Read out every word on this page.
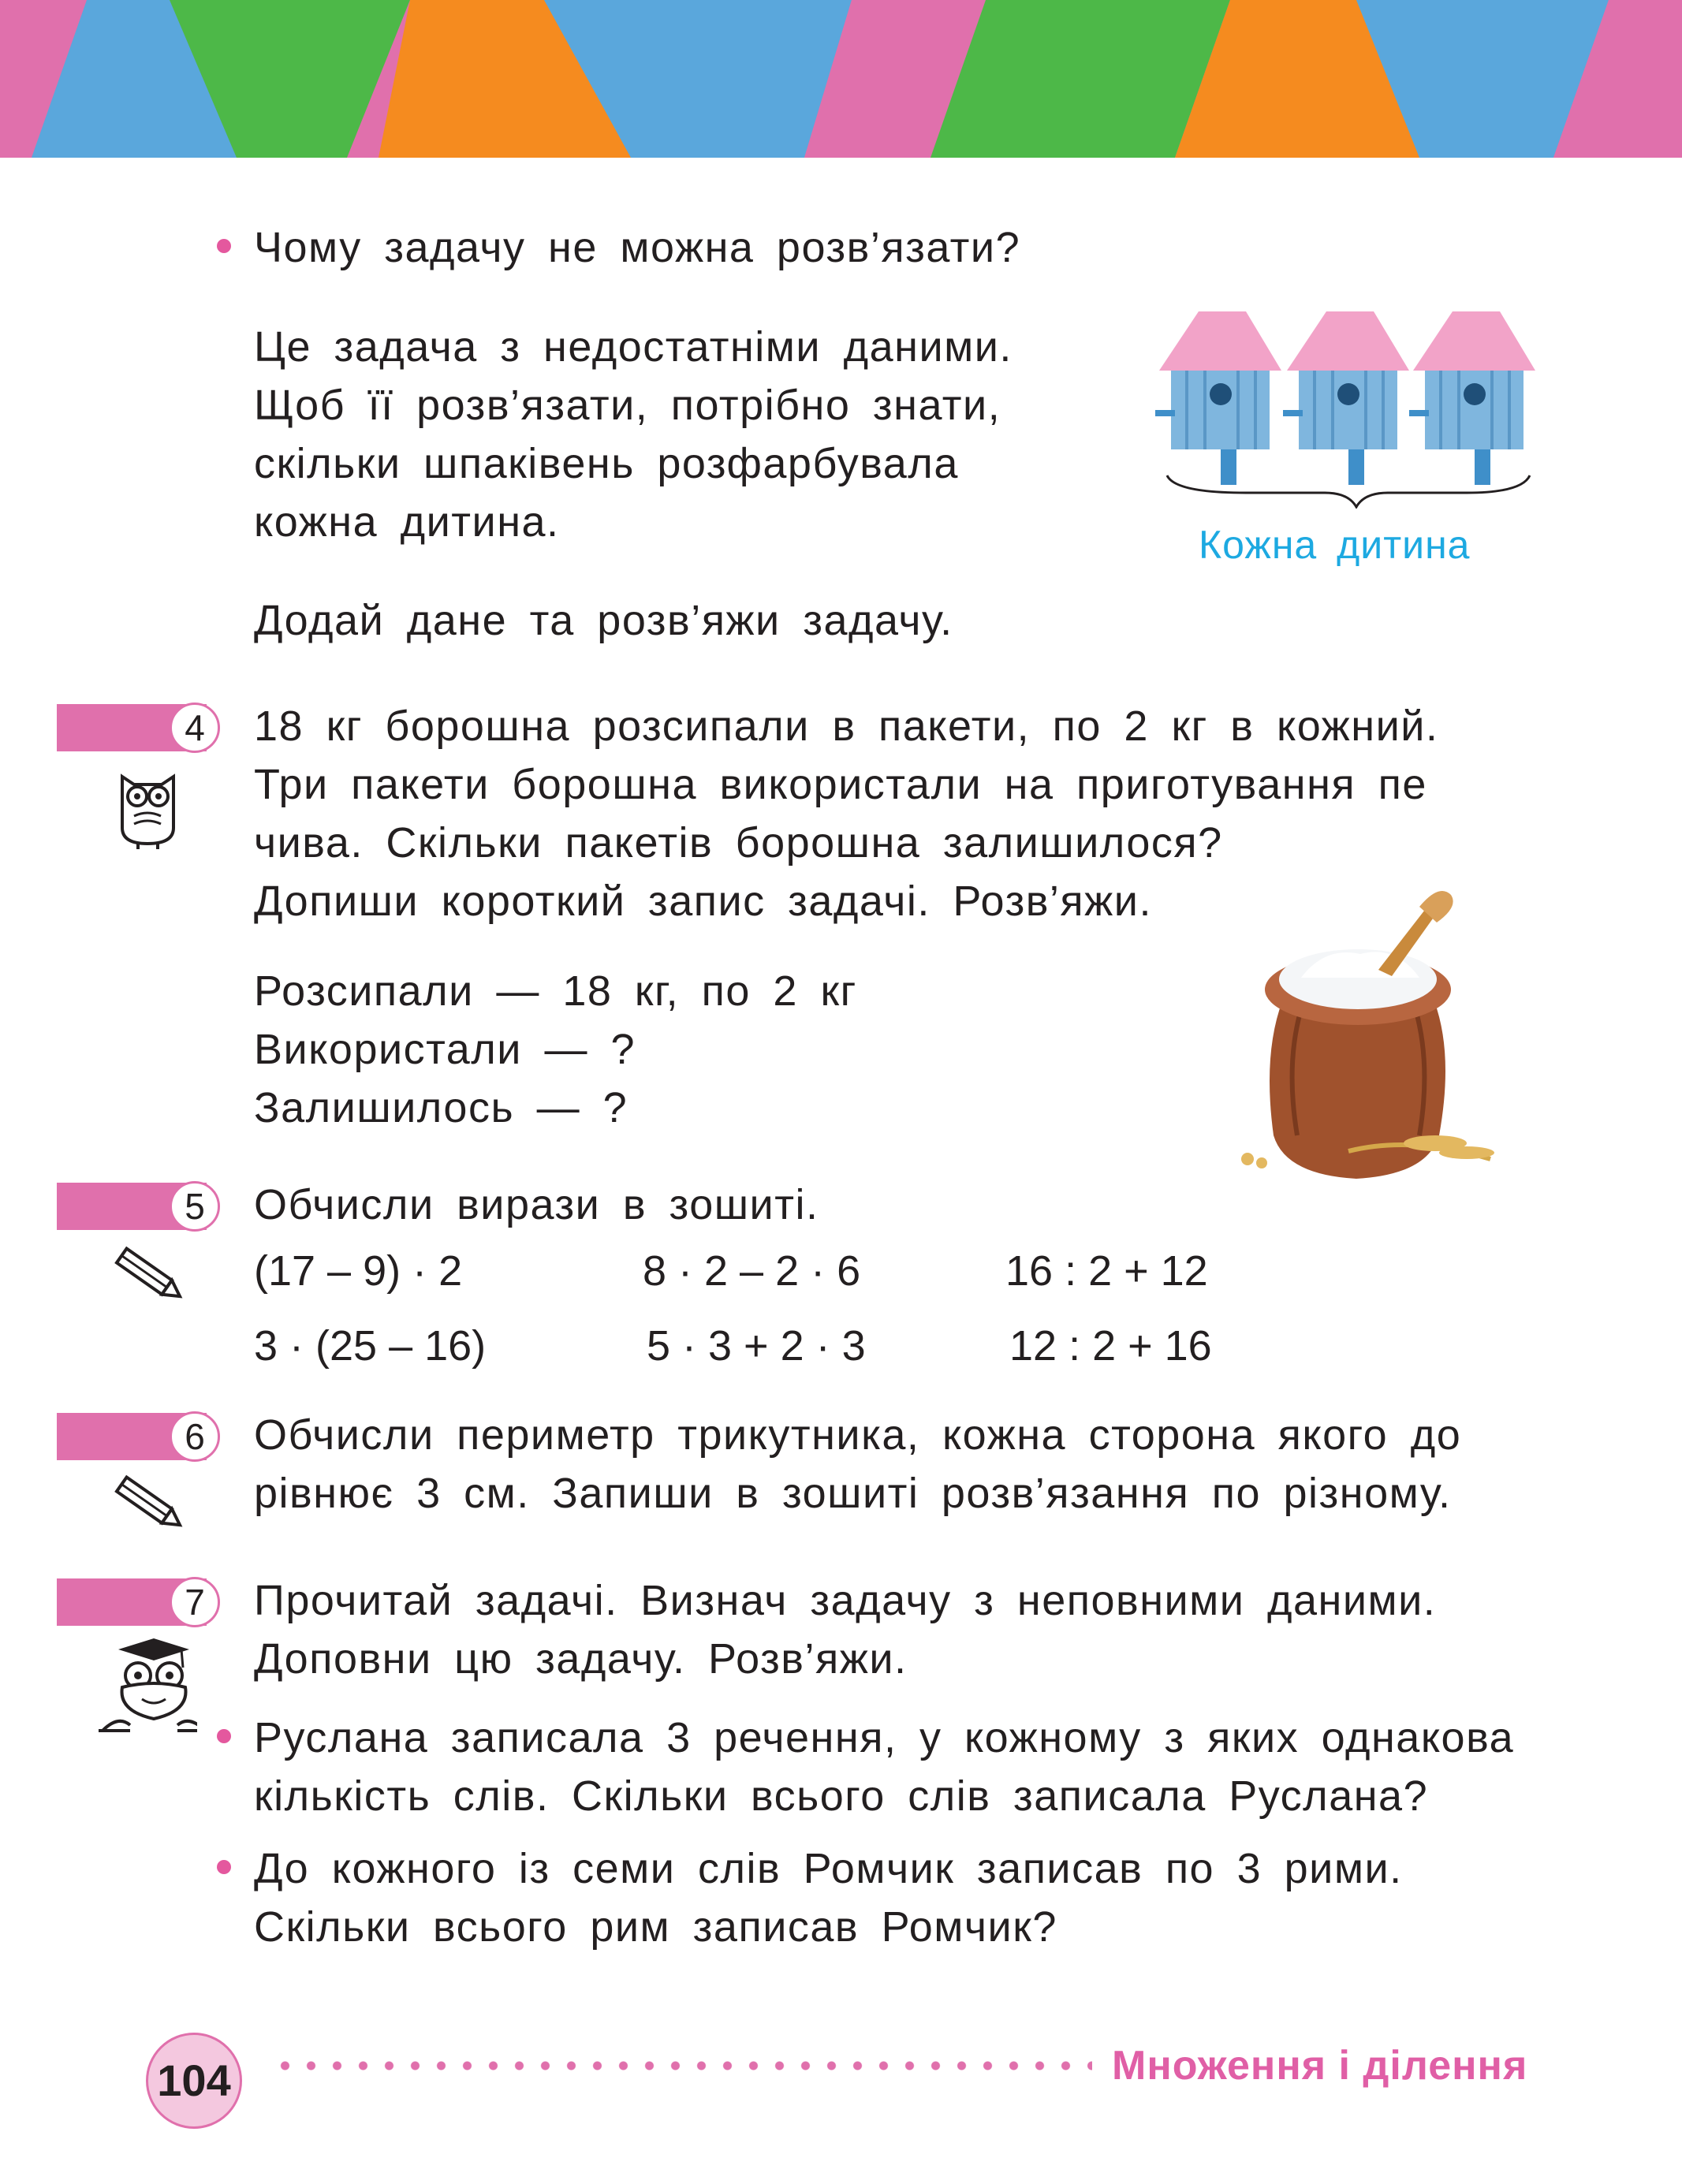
Чому задачу не можна розв’язати?
Це задача з недостатніми даними.
Щоб її розв’язати, потрібно знати,
скільки шпаківень розфарбувала
кожна дитина.	Кожна дитина
Додай дане та розв’яжи задачу.
4	18 кг борошна розсипали в пакети, по 2 кг в кожний.
Три пакети борошна використали на приготування пе
чива. Скільки пакетів борошна залишилося?
Допиши короткий запис задачі. Розв’яжи.
Розсипали — 18 кг, по 2 кг
Використали — ?
Залишилось — ?
5	Обчисли вирази в зошиті.
(17 – 9) · 2	8 · 2 – 2 · 6	16 : 2 + 12
3 · (25 – 16)	5 · 3 + 2 · 3	12 : 2 + 16
6	Обчисли периметр трикутника, кожна сторона якого до
рівнює 3 см. Запиши в зошиті розв’язання по різному.
7	Прочитай задачі. Визнач задачу з неповними даними.
Доповни цю задачу. Розв’яжи.
Руслана записала 3 речення, у кожному з яких однакова
кількість слів. Скільки всього слів записала Руслана?
До кожного із семи слів Ромчик записав по 3 рими.
Скільки всього рим записав Ромчик?
104	Множення і ділення
